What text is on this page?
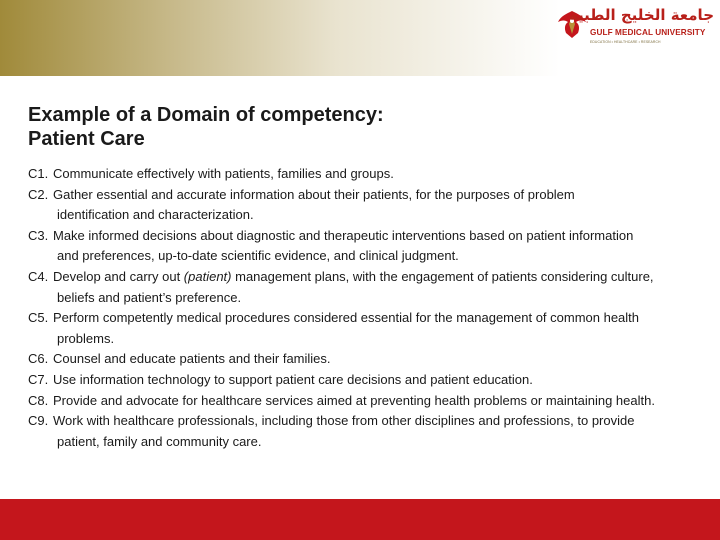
جامعة الخليج الطبية
GULF MEDICAL UNIVERSITY
EDUCATION • HEALTHCARE • RESEARCH
Example of a Domain of competency:
Patient Care
C1. Communicate effectively with patients, families and groups.
C2. Gather essential and accurate information about their patients, for the purposes of problem
identification and characterization.
C3. Make informed decisions about diagnostic and therapeutic interventions based on patient information
and preferences, up-to-date scientific evidence, and clinical judgment.
C4. Develop and carry out (patient) management plans, with the engagement of patients considering culture,
beliefs and patient’s preference.
C5. Perform competently medical procedures considered essential for the management of common health
problems.
C6. Counsel and educate patients and their families.
C7. Use information technology to support patient care decisions and patient education.
C8. Provide and advocate for healthcare services aimed at preventing health problems or maintaining health.
C9. Work with healthcare professionals, including those from other disciplines and professions, to provide
patient, family and community care.
